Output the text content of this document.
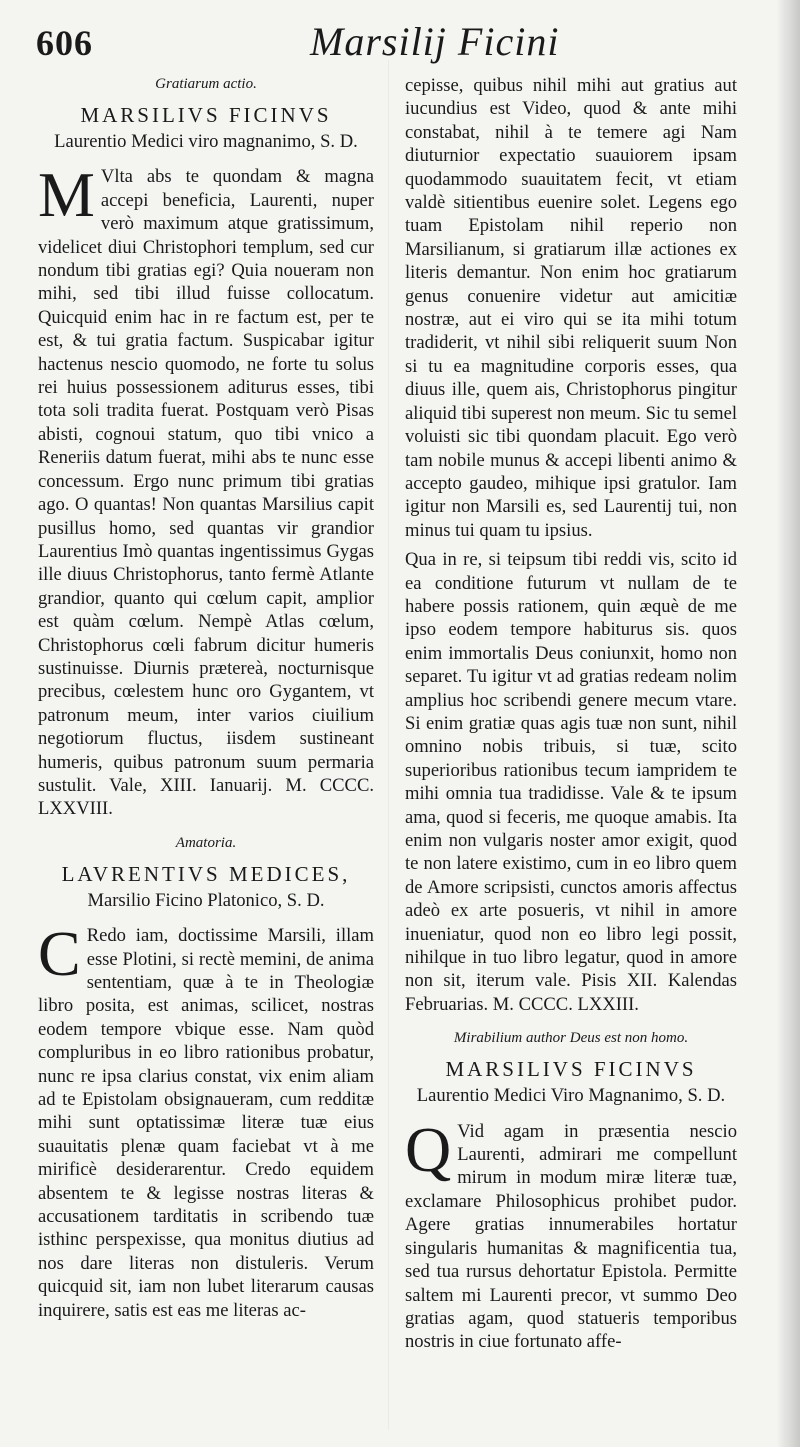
606	Marsilij Ficini
Gratiarum actio.
MARSILIVS FICINVS
Laurentio Medici viro magnanimo, S. D.

M Vlta abs te quondam & magna accepi beneficia, Laurenti, nuper verò maximum atque gratissimum, videlicet diui Christophori templum, sed cur nondum tibi gratias egi? Quia noueram non mihi, sed tibi illud fuisse collocatum. Quicquid enim hac in re factum est, per te est, & tui gratia factum. Suspicabar igitur hactenus nescio quomodo, ne forte tu solus rei huius possessionem aditurus esses, tibi tota soli tradita fuerat. Postquam verò Pisas abisti, cognoui statum, quo tibi vnico a Reneriis datum fuerat, mihi abs te nunc esse concessum. Ergo nunc primum tibi gratias ago. O quantas! Non quantas Marsilius capit pusillus homo, sed quantas vir grandior Laurentius Imò quantas ingentissimus Gygas ille diuus Christophorus, tanto fermè Atlante grandior, quanto qui cœlum capit, amplior est quàm cœlum. Nempè Atlas cœlum, Christophorus cœli fabrum dicitur humeris sustinuisse. Diurnis prætereà, nocturnisque precibus, cœlestem hunc oro Gygantem, vt patronum meum, inter varios ciuilium negotiorum fluctus, iisdem sustineant humeris, quibus patronum suum permaria sustulit. Vale, XIII. Ianuarij. M. CCCC. LXXVIII.

Amatoria.
LAVRENTIVS MEDICES,
Marsilio Ficino Platonico, S. D.

C Redo iam, doctissime Marsili, illam esse Plotini, si rectè memini, de anima sententiam, quæ à te in Theologiæ libro posita, est animas, scilicet, nostras eodem tempore vbique esse. Nam quòd compluribus in eo libro rationibus probatur, nunc re ipsa clarius constat, vix enim aliam ad te Epistolam obsignaueram, cum redditæ mihi sunt optatissimæ literæ tuæ eius suauitatis plenæ quam faciebat vt à me mirificè desiderarentur. Credo equidem absentem te & legisse nostras literas & accusationem tarditatis in scribendo tuæ isthinc perspexisse, qua monitus diutius ad nos dare literas non distuleris. Verum quicquid sit, iam non lubet literarum causas inquirere, satis est eas me literas ac-

cepisse, quibus nihil mihi aut gratius aut iucundius est Video, quod & ante mihi constabat, nihil à te temere agi Nam diuturnior expectatio suauiorem ipsam quodammodo suauitatem fecit, vt etiam valdè sitientibus euenire solet. Legens ego tuam Epistolam nihil reperio non Marsilianum, si gratiarum illæ actiones ex literis demantur. Non enim hoc gratiarum genus conuenire videtur aut amicitiæ nostræ, aut ei viro qui se ita mihi totum tradiderit, vt nihil sibi reliquerit suum Non si tu ea magnitudine corporis esses, qua diuus ille, quem ais, Christophorus pingitur aliquid tibi superest non meum. Sic tu semel voluisti sic tibi quondam placuit. Ego verò tam nobile munus & accepi libenti animo & accepto gaudeo, mihique ipsi gratulor. Iam igitur non Marsili es, sed Laurentij tui, non minus tui quam tu ipsius.

Qua in re, si teipsum tibi reddi vis, scito id ea conditione futurum vt nullam de te habere possis rationem, quin æquè de me ipso eodem tempore habiturus sis. quos enim immortalis Deus coniunxit, homo non separet. Tu igitur vt ad gratias redeam nolim amplius hoc scribendi genere mecum vtare. Si enim gratiæ quas agis tuæ non sunt, nihil omnino nobis tribuis, si tuæ, scito superioribus rationibus tecum iampridem te mihi omnia tua tradidisse. Vale & te ipsum ama, quod si feceris, me quoque amabis. Ita enim non vulgaris noster amor exigit, quod te non latere existimo, cum in eo libro quem de Amore scripsisti, cunctos amoris affectus adeò ex arte posueris, vt nihil in amore inueniatur, quod non eo libro legi possit, nihilque in tuo libro legatur, quod in amore non sit, iterum vale. Pisis XII. Kalendas Februarias. M. CCCC. LXXIII.

Mirabilium author Deus est non homo.
MARSILIVS FICINVS
Laurentio Medici Viro Magnanimo, S. D.

Q Vid agam in præsentia nescio Laurenti, admirari me compellunt mirum in modum miræ literæ tuæ, exclamare Philosophicus prohibet pudor. Agere gratias innumerabiles hortatur singularis humanitas & magnificentia tua, sed tua rursus dehortatur Epistola. Permitte saltem mi Laurenti precor, vt summo Deo gratias agam, quod statueris temporibus nostris in ciue fortunato affe-
